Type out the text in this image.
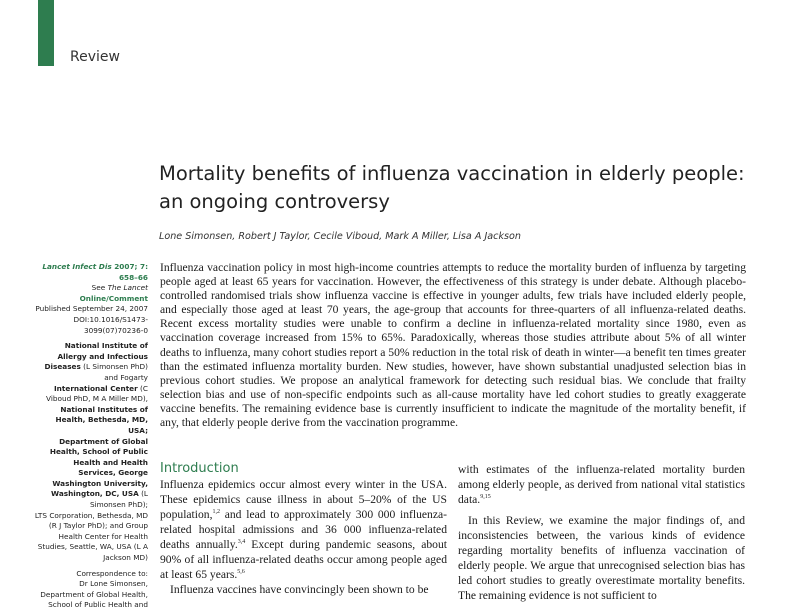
Review
Mortality benefits of influenza vaccination in elderly people:
an ongoing controversy
Lone Simonsen, Robert J Taylor, Cecile Viboud, Mark A Miller, Lisa A Jackson

Lancet Infect Dis 2007; 7: 658–66

See The Lancet Online/Comment

Published September 24, 2007

DOI:10.1016/S1473-3099(07)70236-0

National Institute of Allergy and Infectious Diseases (L Simonsen PhD) and Fogarty

International Center (C Viboud PhD, M A Miller MD),

National Institutes of Health, Bethesda, MD, USA;

Department of Global Health, School of Public Health and Health Services, George Washington University, Washington, DC, USA (L Simonsen PhD);

LTS Corporation, Bethesda, MD (R J Taylor PhD); and Group Health Center for Health Studies, Seattle, WA, USA (L A Jackson MD)

Correspondence to:

Dr Lone Simonsen,

Department of Global Health,

School of Public Health and

Influenza vaccination policy in most high-income countries attempts to reduce the mortality burden of influenza by targeting people aged at least 65 years for vaccination. However, the effectiveness of this strategy is under debate. Although placebo-controlled randomised trials show influenza vaccine is effective in younger adults, few trials have included elderly people, and especially those aged at least 70 years, the age-group that accounts for three-quarters of all influenza-related deaths. Recent excess mortality studies were unable to confirm a decline in influenza-related mortality since 1980, even as vaccination coverage increased from 15% to 65%. Paradoxically, whereas those studies attribute about 5% of all winter deaths to influenza, many cohort studies report a 50% reduction in the total risk of death in winter—a benefit ten times greater than the estimated influenza mortality burden. New studies, however, have shown substantial unadjusted selection bias in previous cohort studies. We propose an analytical framework for detecting such residual bias. We conclude that frailty selection bias and use of non-specific endpoints such as all-cause mortality have led cohort studies to greatly exaggerate vaccine benefits. The remaining evidence base is currently insufficient to indicate the magnitude of the mortality benefit, if any, that elderly people derive from the vaccination programme.

Introduction

Influenza epidemics occur almost every winter in the USA. These epidemics cause illness in about 5–20% of the US population,$^{1,2}$ and lead to approximately 300 000 influenza-related hospital admissions and 36 000 influenza-related deaths annually.$^{3,4}$ Except during pandemic seasons, about 90% of all influenza-related deaths occur among people aged at least 65 years.$^{5,6}$

Influenza vaccines have convincingly been shown to be

with estimates of the influenza-related mortality burden among elderly people, as derived from national vital statistics data.$^{9,15}$

In this Review, we examine the major findings of, and inconsistencies between, the various kinds of evidence regarding mortality benefits of influenza vaccination of elderly people. We argue that unrecognised selection bias has led cohort studies to greatly overestimate mortality benefits. The remaining evidence is not sufficient to
